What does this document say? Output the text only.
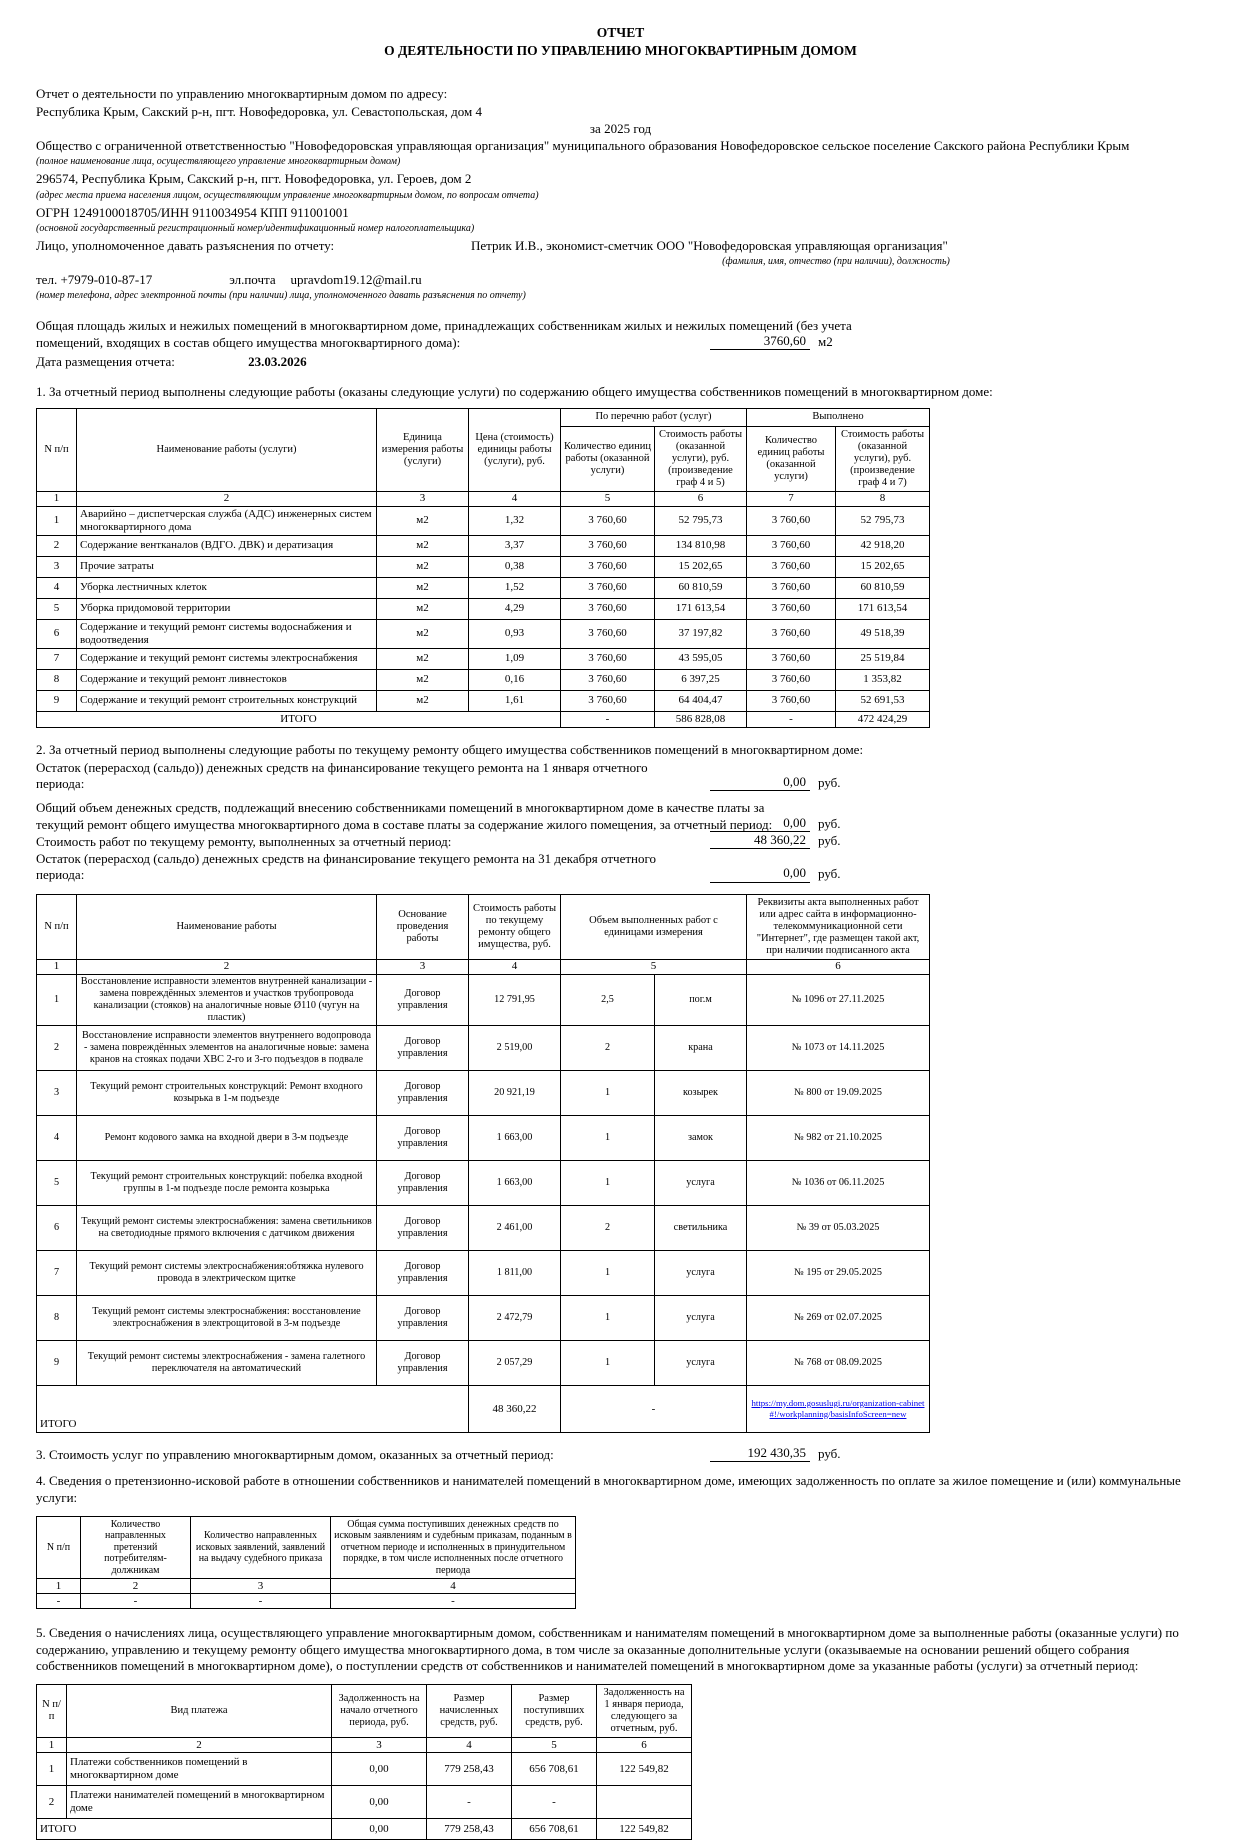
ОТЧЕТ
О ДЕЯТЕЛЬНОСТИ ПО УПРАВЛЕНИЮ МНОГОКВАРТИРНЫМ ДОМОМ
Отчет о деятельности по управлению многоквартирным домом по адресу:
Республика Крым, Сакский р-н, пгт. Новофедоровка, ул. Севастопольская, дом 4
за 2025 год
Общество с ограниченной ответственностью "Новофедоровская управляющая организация" муниципального образования Новофедоровское сельское поселение Сакского района Республики Крым
(полное наименование лица, осуществляющего управление многоквартирным домом)
296574, Республика Крым, Сакский р-н, пгт. Новофедоровка, ул. Героев, дом 2
(адрес места приема населения лицом, осуществляющим управление многоквартирным домом, по вопросам отчета)
ОГРН 1249100018705/ИНН 9110034954 КПП 911001001
(основной государственный регистрационный номер/идентификационный номер налогоплательщика)
Лицо, уполномоченное давать разъяснения по отчету:	Петрик И.В., экономист-сметчик ООО "Новофедоровская управляющая организация"
(фамилия, имя, отчество (при наличии), должность)
тел. +7979-010-87-17	эл.почта upravdom19.12@mail.ru
(номер телефона, адрес электронной почты (при наличии) лица, уполномоченного давать разъяснения по отчету)
Общая площадь жилых и нежилых помещений в многоквартирном доме, принадлежащих собственникам жилых и нежилых помещений (без учета помещений, входящих в состав общего имущества многоквартирного дома):	3760,60 м2
Дата размещения отчета:	23.03.2026
1. За отчетный период выполнены следующие работы (оказаны следующие услуги) по содержанию общего имущества собственников помещений в многоквартирном доме:
N п/п	Наименование работы (услуги)	Единица измерения работы (услуги)	Цена (стоимость) единицы работы (услуги), руб.	По перечню работ (услуг)		Выполнено	
				Количество единиц работы (оказанной услуги)	Стоимость работы (оказанной услуги), руб. (произведение граф 4 и 5)	Количество единиц работы (оказанной услуги)	Стоимость работы (оказанной услуги), руб. (произведение граф 4 и 7)
1	2	3	4	5	6	7	8
1	Аварийно – диспетчерская служба (АДС) инженерных систем многоквартирного дома	м2	1,32	3 760,60	52 795,73	3 760,60	52 795,73
2	Содержание вентканалов (ВДГО. ДВК) и дератизация	м2	3,37	3 760,60	134 810,98	3 760,60	42 918,20
3	Прочие затраты	м2	0,38	3 760,60	15 202,65	3 760,60	15 202,65
4	Уборка лестничных клеток	м2	1,52	3 760,60	60 810,59	3 760,60	60 810,59
5	Уборка придомовой территории	м2	4,29	3 760,60	171 613,54	3 760,60	171 613,54
6	Содержание и текущий ремонт системы водоснабжения и водоотведения	м2	0,93	3 760,60	37 197,82	3 760,60	49 518,39
7	Содержание и текущий ремонт системы электроснабжения	м2	1,09	3 760,60	43 595,05	3 760,60	25 519,84
8	Содержание и текущий ремонт ливнестоков	м2	0,16	3 760,60	6 397,25	3 760,60	1 353,82
9	Содержание и текущий ремонт строительных конструкций	м2	1,61	3 760,60	64 404,47	3 760,60	52 691,53
ИТОГО				-	586 828,08	-	472 424,29
2. За отчетный период выполнены следующие работы по текущему ремонту общего имущества собственников помещений в многоквартирном доме:
Остаток (перерасход (сальдо)) денежных средств на финансирование текущего ремонта на 1 января отчетного периода:	0,00 руб.
Общий объем денежных средств, подлежащий внесению собственниками помещений в многоквартирном доме в качестве платы за текущий ремонт общего имущества многоквартирного дома в составе платы за содержание жилого помещения, за отчетный период: 0,00 руб.
Стоимость работ по текущему ремонту, выполненных за отчетный период:	48 360,22 руб.
Остаток (перерасход (сальдо) денежных средств на финансирование текущего ремонта на 31 декабря отчетного периода:	0,00 руб.
N п/п	Наименование работы	Основание проведения работы	Стоимость работы по текущему ремонту общего имущества, руб.	Объем выполненных работ с единицами измерения		Реквизиты акта выполненных работ или адрес сайта в информационно-телекоммуникационной сети "Интернет", где размещен такой акт, при наличии подписанного акта
1	2	3	4	5		6
1	Восстановление исправности элементов внутренней канализации - замена повреждённых элементов и участков трубопровода канализации (стояков) на аналогичные новые Ø110 (чугун на пластик)	Договор управления	12 791,95	2,5	пог.м	№ 1096 от 27.11.2025
2	Восстановление исправности элементов внутреннего водопровода - замена повреждённых элементов на аналогичные новые: замена кранов на стояках подачи ХВС 2-го и 3-го подъездов в подвале	Договор управления	2 519,00	2	крана	№ 1073 от 14.11.2025
3	Текущий ремонт строительных конструкций: Ремонт входного козырька в 1-м подъезде	Договор управления	20 921,19	1	козырек	№ 800 от 19.09.2025
4	Ремонт кодового замка на входной двери в 3-м подъезде	Договор управления	1 663,00	1	замок	№ 982 от 21.10.2025
5	Текущий ремонт строительных конструкций: побелка входной группы в 1-м подъезде после ремонта козырька	Договор управления	1 663,00	1	услуга	№ 1036 от 06.11.2025
6	Текущий ремонт системы электроснабжения: замена светильников на светодиодные прямого включения с датчиком движения	Договор управления	2 461,00	2	светильника	№ 39 от 05.03.2025
7	Текущий ремонт системы электроснабжения:обтяжка нулевого провода в электрическом щитке	Договор управления	1 811,00	1	услуга	№ 195 от 29.05.2025
8	Текущий ремонт системы электроснабжения: восстановление электроснабжения в электрощитовой в 3-м подъезде	Договор управления	2 472,79	1	услуга	№ 269 от 02.07.2025
9	Текущий ремонт системы электроснабжения - замена галетного переключателя на автоматический	Договор управления	2 057,29	1	услуга	№ 768 от 08.09.2025
ИТОГО			48 360,22	-		https://my.dom.gosuslugi.ru/organization-cabinet#!/workplanning/basisInfoScreen=new
3. Стоимость услуг по управлению многоквартирным домом, оказанных за отчетный период:	192 430,35 руб.
4. Сведения о претензионно-исковой работе в отношении собственников и нанимателей помещений в многоквартирном доме, имеющих задолженность по оплате за жилое помещение и (или) коммунальные услуги:
N п/п	Количество направленных претензий потребителям-должникам	Количество направленных исковых заявлений, заявлений на выдачу судебного приказа	Общая сумма поступивших денежных средств по исковым заявлениям и судебным приказам, поданным в отчетном периоде и исполненных в принудительном порядке, в том числе исполненных после отчетного периода
1	2	3	4
-	-	-	-
5. Сведения о начислениях лица, осуществляющего управление многоквартирным домом, собственникам и нанимателям помещений в многоквартирном доме за выполненные работы (оказанные услуги) по содержанию, управлению и текущему ремонту общего имущества многоквартирного дома, в том числе за оказанные дополнительные услуги (оказываемые на основании решений общего собрания собственников помещений в многоквартирном доме), о поступлении средств от собственников и нанимателей помещений в многоквартирном доме за указанные работы (услуги) за отчетный период:
N п/п	Вид платежа	Задолженность на начало отчетного периода, руб.	Размер начисленных средств, руб.	Размер поступивших средств, руб.	Задолженность на 1 января периода, следующего за отчетным, руб.
1	2	3	4	5	6
1	Платежи собственников помещений в многоквартирном доме	0,00	779 258,43	656 708,61	122 549,82
2	Платежи нанимателей помещений в многоквартирном доме	0,00	-	-	
ИТОГО		0,00	779 258,43	656 708,61	122 549,82
